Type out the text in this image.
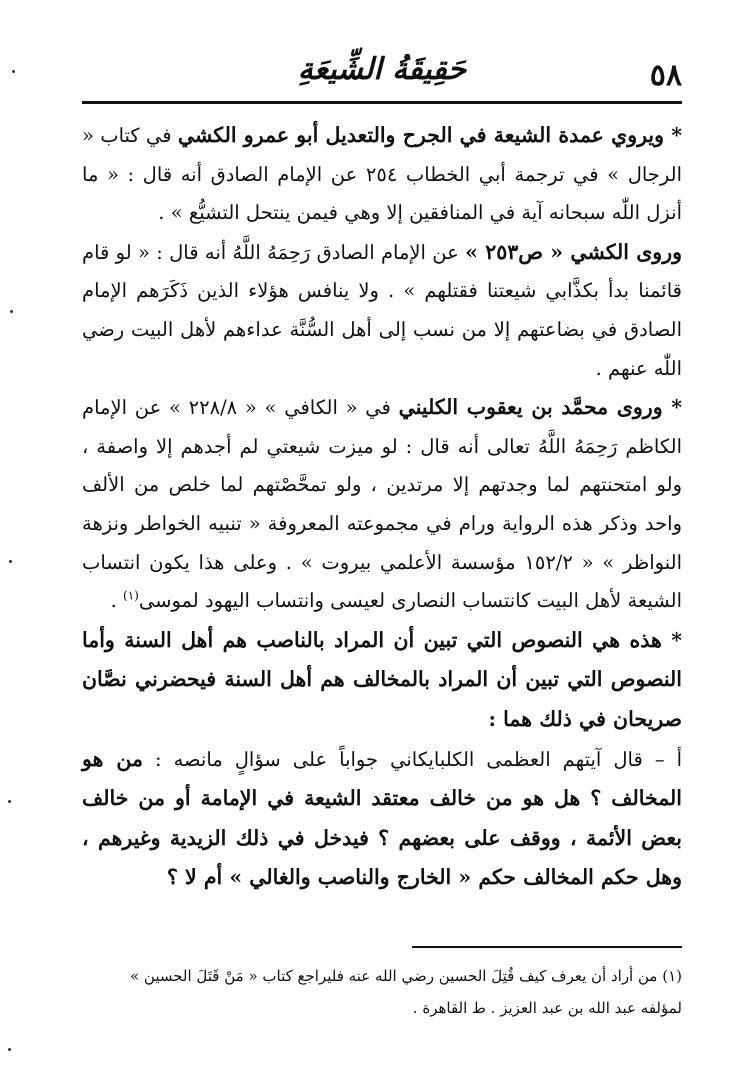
٥٨
حَقِيقَةُ الشِّيعَةِ

* ويروي عمدة الشيعة في الجرح والتعديل أبو عمرو الكشي في كتاب « الرجال » في ترجمة أبي الخطاب ٢٥٤ عن الإمام الصادق أنه قال : « ما أنزل اللّٰه سبحانه آية في المنافقين إلا وهي فيمن ينتحل التشيُّع » .

وروى الكشي « ص٢٥٣ » عن الإمام الصادق رَحِمَهُ اللَّهُ أنه قال : « لو قام قائمنا بدأ بكذَّابي شيعتنا فقتلهم » . ولا ينافس هؤلاء الذين ذَكَرَهم الإمام الصادق في بضاعتهم إلا من نسب إلى أهل السُّنَّة عداءهم لأهل البيت رضي اللّٰه عنهم .

* وروى محمَّد بن يعقوب الكليني في « الكافي » « ٢٢٨/٨ » عن الإمام الكاظم رَحِمَهُ اللَّهُ تعالى أنه قال : لو ميزت شيعتي لم أجدهم إلا واصفة ، ولو امتحنتهم لما وجدتهم إلا مرتدين ، ولو تمحَّصْتهم لما خلص من الألف واحد وذكر هذه الرواية ورام في مجموعته المعروفة « تنبيه الخواطر ونزهة النواظر » « ١٥٢/٢ مؤسسة الأعلمي بيروت » . وعلى هذا يكون انتساب الشيعة لأهل البيت كانتساب النصارى لعيسى وانتساب اليهود لموسى$^{(١)}$ .

* هذه هي النصوص التي تبين أن المراد بالناصب هم أهل السنة وأما النصوص التي تبين أن المراد بالمخالف هم أهل السنة فيحضرني نصَّان صريحان في ذلك هما :

أ – قال آيتهم العظمى الكلبايكاني جواباً على سؤالٍ مانصه : من هو المخالف ؟ هل هو من خالف معتقد الشيعة في الإمامة أو من خالف بعض الأئمة ، ووقف على بعضهم ؟ فيدخل في ذلك الزيدية وغيرهم ، وهل حكم المخالف حكم « الخارج والناصب والغالي » أم لا ؟

(١) من أراد أن يعرف كيف قُتِلَ الحسين رضي الله عنه فليراجع كتاب « مَنْ قَتَلَ الحسين »

لمؤلفه عبد الله بن عبد العزيز . ط القاهرة .
